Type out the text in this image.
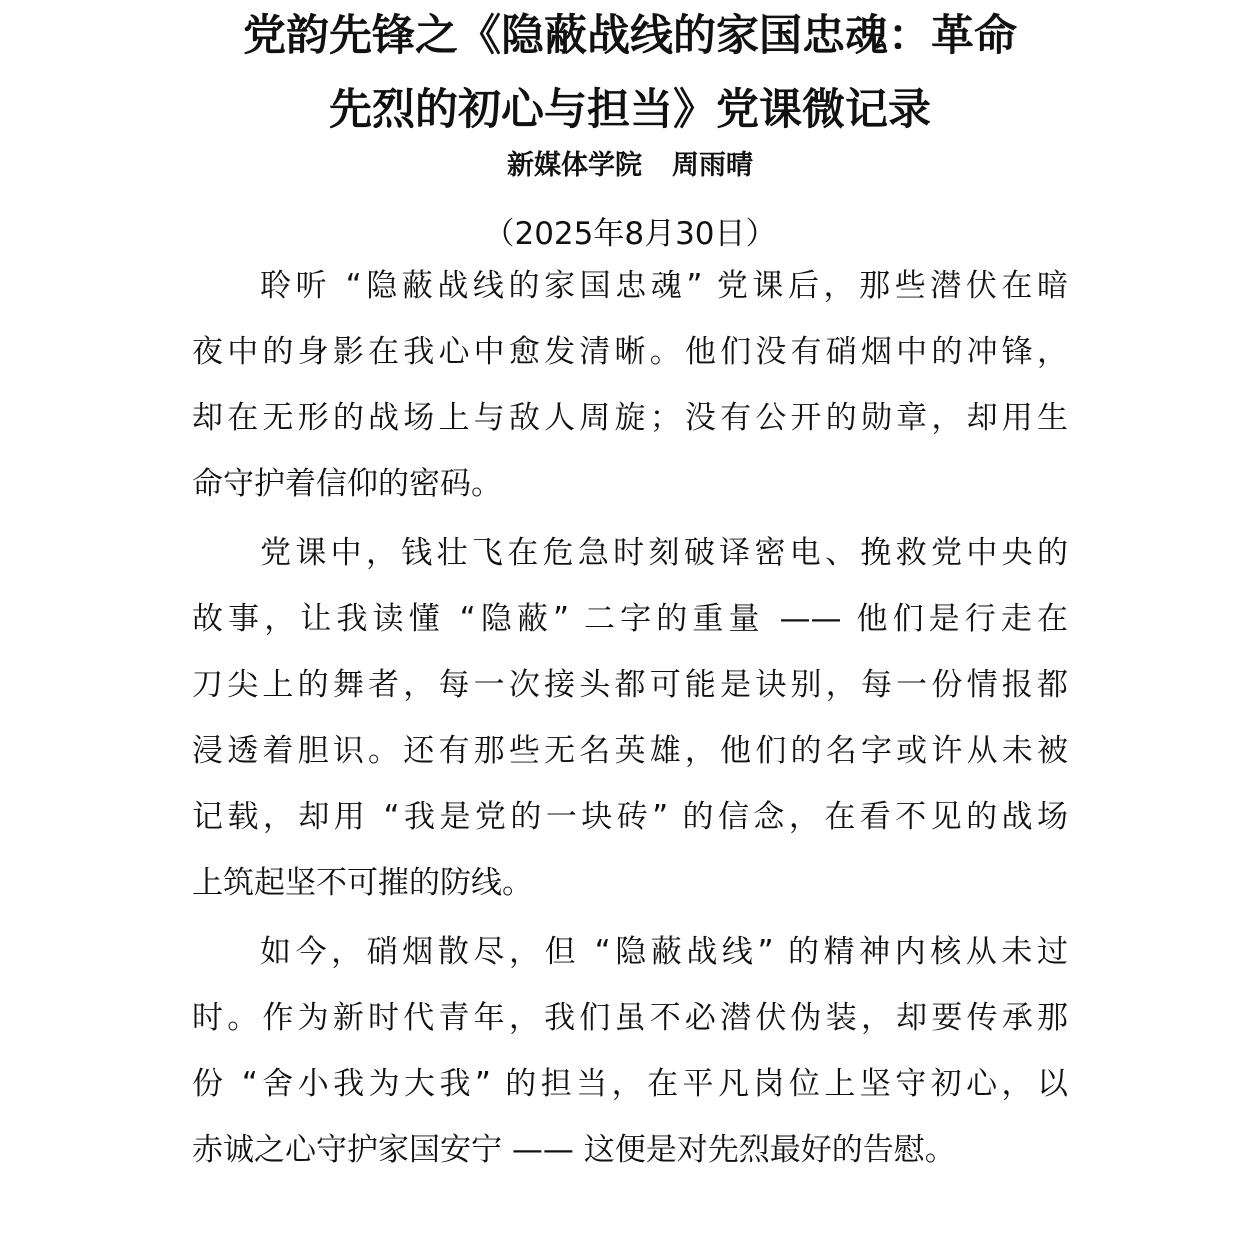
党韵先锋之《隐蔽战线的家国忠魂：革命
先烈的初心与担当》党课微记录
新媒体学院 周雨晴
（2025年8月30日）
聆听 “隐蔽战线的家国忠魂” 党课后，那些潜伏在暗
夜中的身影在我心中愈发清晰。他们没有硝烟中的冲锋，
却在无形的战场上与敌人周旋；没有公开的勋章，却用生
命守护着信仰的密码。
党课中，钱壮飞在危急时刻破译密电、挽救党中央的
故事，让我读懂 “隐蔽” 二字的重量 —— 他们是行走在
刀尖上的舞者，每一次接头都可能是诀别，每一份情报都
浸透着胆识。还有那些无名英雄，他们的名字或许从未被
记载，却用 “我是党的一块砖” 的信念，在看不见的战场
上筑起坚不可摧的防线。
如今，硝烟散尽，但 “隐蔽战线” 的精神内核从未过
时。作为新时代青年，我们虽不必潜伏伪装，却要传承那
份 “舍小我为大我” 的担当，在平凡岗位上坚守初心，以
赤诚之心守护家国安宁 —— 这便是对先烈最好的告慰。
